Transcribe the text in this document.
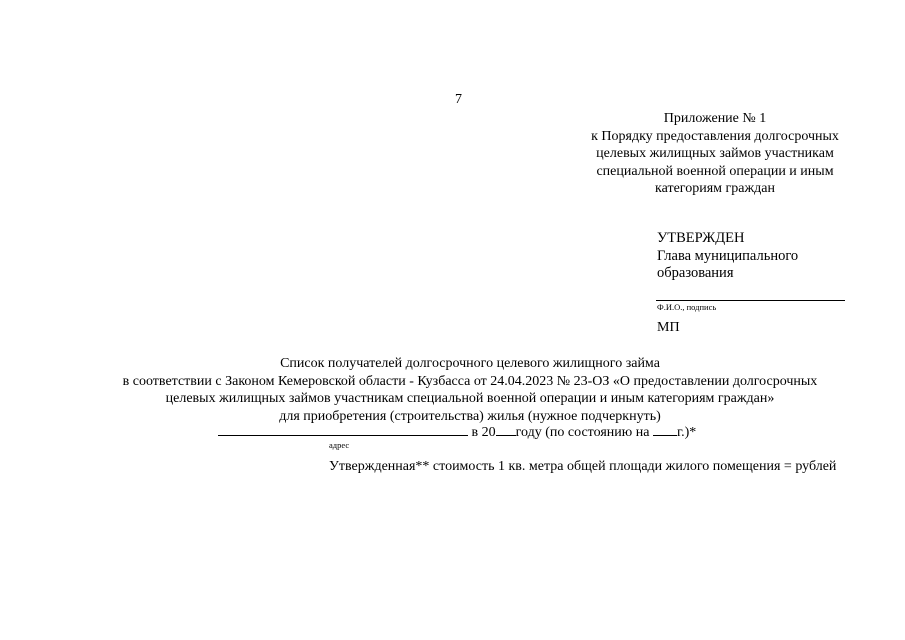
7
Приложение № 1
к Порядку предоставления долгосрочных
целевых жилищных займов участникам
специальной военной операции и иным
категориям граждан
УТВЕРЖДЕН
Глава муниципального
образования
Ф.И.О., подпись
МП
Список получателей долгосрочного целевого жилищного займа
в соответствии с Законом Кемеровской области - Кузбасса от 24.04.2023 № 23-ОЗ «О предоставлении долгосрочных
целевых жилищных займов участникам специальной военной операции и иным категориям граждан»
для приобретения (строительства) жилья (нужное подчеркнуть)
в 20 году (по состоянию на г.)*
адрес
Утвержденная** стоимость 1 кв. метра общей площади жилого помещения = рублей
